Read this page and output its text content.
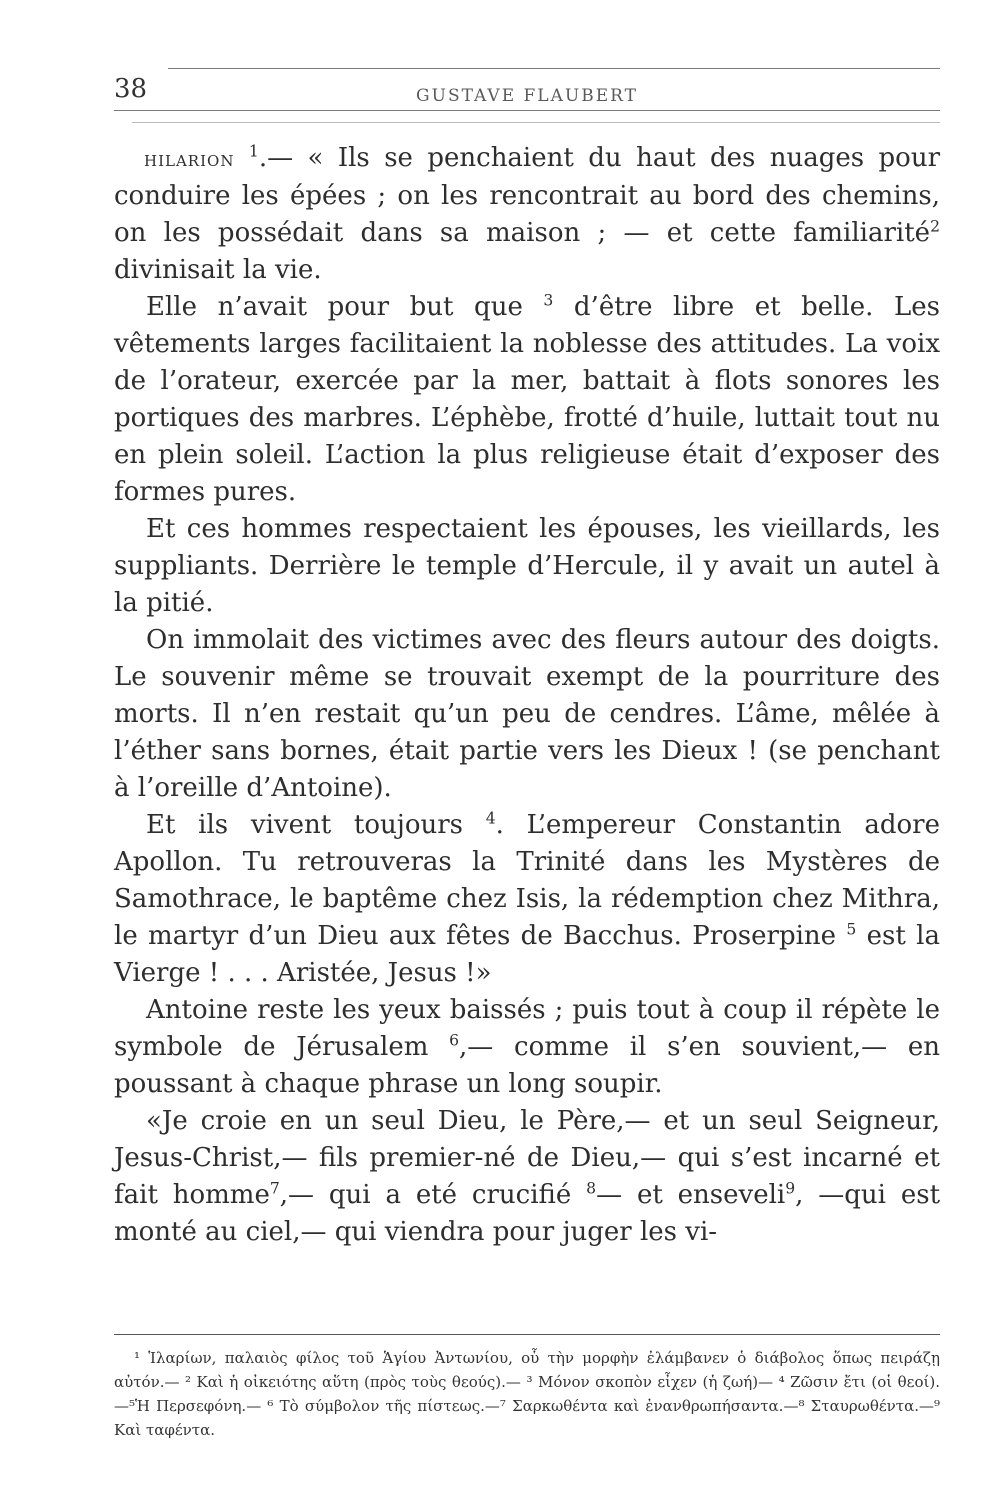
38	GUSTAVE FLAUBERT

hilarion $^1$.— « Ils se penchaient du haut des nuages pour conduire les épées ; on les rencontrait au bord des chemins, on les possédait dans sa maison ; — et cette familiarité$^2$ divinisait la vie.

Elle n’avait pour but que $^3$ d’être libre et belle. Les vêtements larges facilitaient la noblesse des attitudes. La voix de l’orateur, exercée par la mer, battait à flots sonores les portiques des marbres. L’éphèbe, frotté d’huile, luttait tout nu en plein soleil. L’action la plus religieuse était d’exposer des formes pures.

Et ces hommes respectaient les épouses, les vieillards, les suppliants. Derrière le temple d’Hercule, il y avait un autel à la pitié.

On immolait des victimes avec des fleurs autour des doigts. Le souvenir même se trouvait exempt de la pourriture des morts. Il n’en restait qu’un peu de cendres. L’âme, mêlée à l’éther sans bornes, était partie vers les Dieux ! (se penchant à l’oreille d’Antoine).

Et ils vivent toujours $^4$. L’empereur Constantin adore Apollon. Tu retrouveras la Trinité dans les Mystères de Samothrace, le baptême chez Isis, la rédemption chez Mithra, le martyr d’un Dieu aux fêtes de Bacchus. Proserpine $^5$ est la Vierge ! . . . Aristée, Jesus !»

Antoine reste les yeux baissés ; puis tout à coup il répète le symbole de Jérusalem $^6$,— comme il s’en souvient,— en poussant à chaque phrase un long soupir.

«Je croie en un seul Dieu, le Père,— et un seul Seigneur, Jesus-Christ,— fils premier-né de Dieu,— qui s’est incarné et fait homme$^7$,— qui a eté crucifié $^8$— et enseveli$^9$, —qui est monté au ciel,— qui viendra pour juger les vi-

¹ Ἱλαρίων, παλαιὸς φίλος τοῦ Ἁγίου Ἀντωνίου, οὗ τὴν μορφὴν ἐλάμβανεν ὁ διάβολος ὅπως πειράζῃ αὐτόν.— ² Καὶ ἡ οἰκειότης αὕτη (πρὸς τοὺς θεούς).— ³ Μόνον σκοπὸν εἶχεν (ἡ ζωή)— ⁴ Ζῶσιν ἔτι (οἱ θεοί).—⁵Ἡ Περσεφόνη.— ⁶ Τὸ σύμβολον τῆς πίστεως.—⁷ Σαρκωθέντα καὶ ἐνανθρωπήσαντα.—⁸ Σταυρωθέντα.—⁹ Καὶ ταφέντα.
